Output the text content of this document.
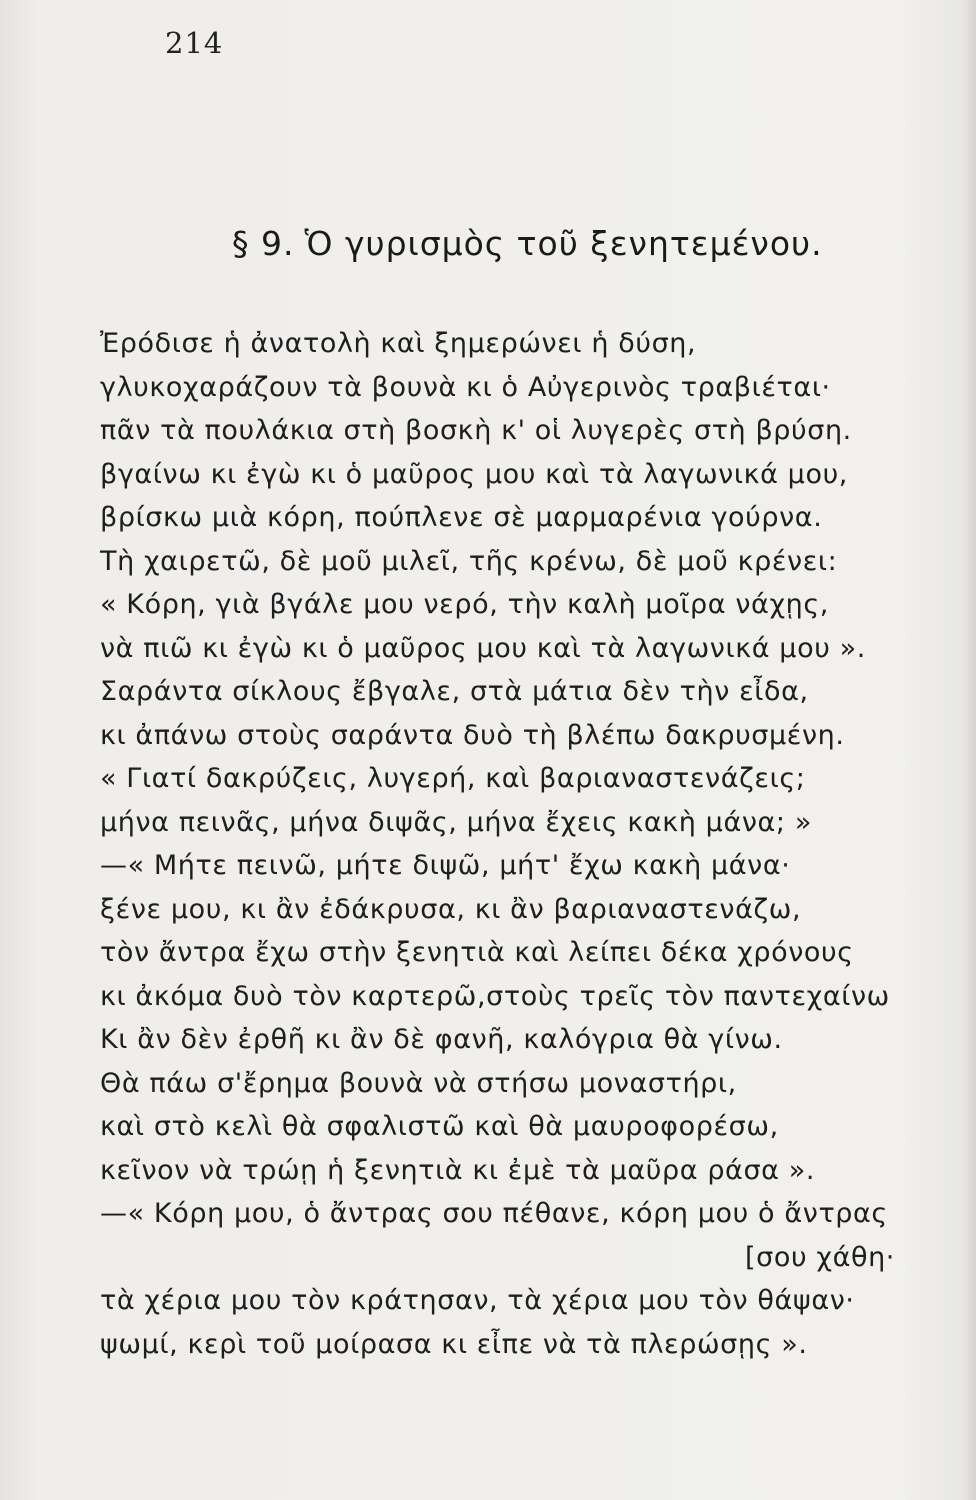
214
§ 9. Ὁ γυρισμὸς τοῦ ξενητεμένου.
Ἐρόδισε ἡ ἀνατολὴ καὶ ξημερώνει ἡ δύση,
γλυκοχαράζουν τὰ βουνὰ κι ὁ Αὐγερινὸς τραβιέται·
πᾶν τὰ πουλάκια στὴ βοσκὴ κ' οἱ λυγερὲς στὴ βρύση.
βγαίνω κι ἐγὼ κι ὁ μαῦρος μου καὶ τὰ λαγωνικά μου,
βρίσκω μιὰ κόρη, πούπλενε σὲ μαρμαρένια γούρνα.
Τὴ χαιρετῶ, δὲ μοῦ μιλεῖ, τῆς κρένω, δὲ μοῦ κρένει:
« Κόρη, γιὰ βγάλε μου νερό, τὴν καλὴ μοῖρα νάχῃς,
νὰ πιῶ κι ἐγὼ κι ὁ μαῦρος μου καὶ τὰ λαγωνικά μου ».
Σαράντα σίκλους ἔβγαλε, στὰ μάτια δὲν τὴν εἶδα,
κι ἀπάνω στοὺς σαράντα δυὸ τὴ βλέπω δακρυσμένη.
« Γιατί δακρύζεις, λυγερή, καὶ βαριαναστενάζεις;
μήνα πεινᾶς, μήνα διψᾶς, μήνα ἔχεις κακὴ μάνα; »
—« Μήτε πεινῶ, μήτε διψῶ, μήτ' ἔχω κακὴ μάνα·
ξένε μου, κι ἂν ἐδάκρυσα, κι ἂν βαριαναστενάζω,
τὸν ἄντρα ἔχω στὴν ξενητιὰ καὶ λείπει δέκα χρόνους
κι ἀκόμα δυὸ τὸν καρτερῶ,στοὺς τρεῖς τὸν παντεχαίνω
Κι ἂν δὲν ἐρθῆ κι ἂν δὲ φανῆ, καλόγρια θὰ γίνω.
Θὰ πάω σ'ἔρημα βουνὰ νὰ στήσω μοναστήρι,
καὶ στὸ κελὶ θὰ σφαλιστῶ καὶ θὰ μαυροφορέσω,
κεῖνον νὰ τρώῃ ἡ ξενητιὰ κι ἐμὲ τὰ μαῦρα ράσα ».
—« Κόρη μου, ὁ ἄντρας σου πέθανε, κόρη μου ὁ ἄντρας
[σου χάθη·
τὰ χέρια μου τὸν κράτησαν, τὰ χέρια μου τὸν θάψαν·
ψωμί, κερὶ τοῦ μοίρασα κι εἶπε νὰ τὰ πλερώσῃς ».
